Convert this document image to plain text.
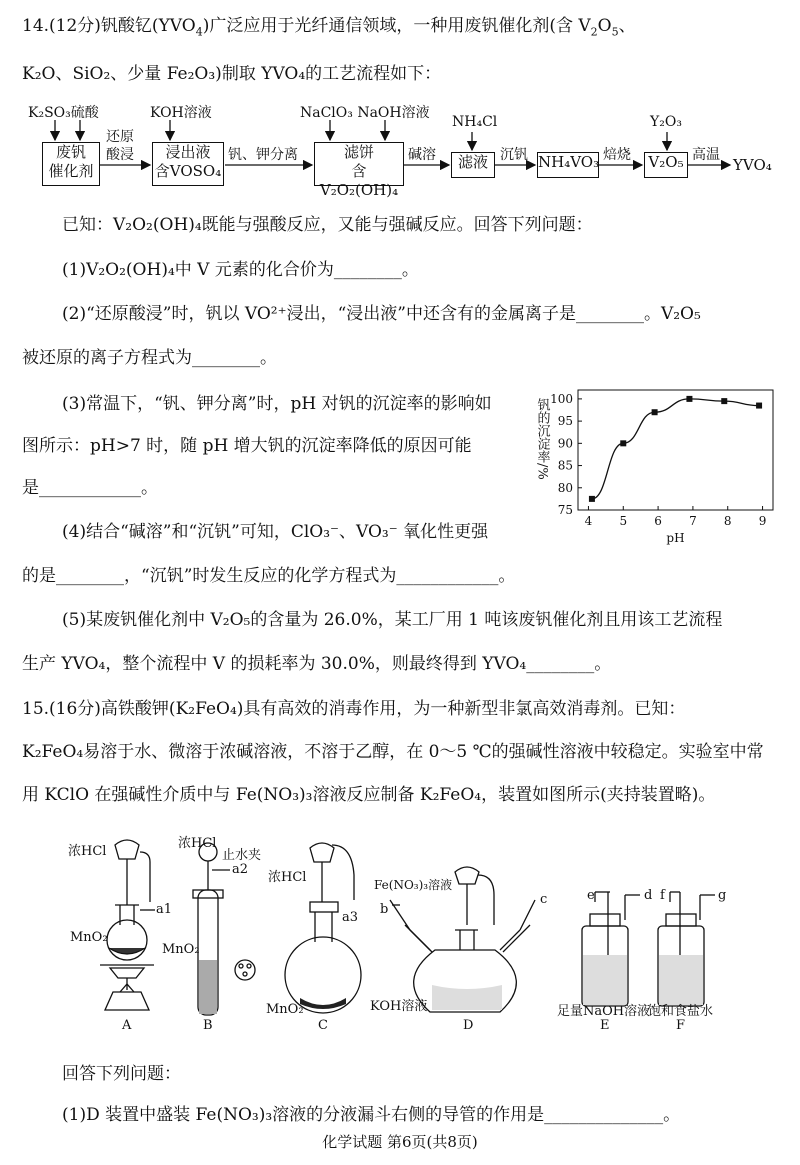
14.(12分)钒酸钇$(YVO_4)$广泛应用于光纤通信领域，一种用废钒催化剂(含 $V_2O_5$、
K₂O、SiO₂、少量 Fe₂O₃)制取 YVO₄的工艺流程如下：
K₂SO₃硫酸
废钒
催化剂
还原
酸浸
KOH溶液
浸出液
含VOSO₄
钒、钾分离
NaClO₃ NaOH溶液
滤饼
含V₂O₂(OH)₄
碱溶
NH₄Cl
滤液 沉钒 NH₄VO₃ 焙烧
Y₂O₃
V₂O₅ 高温
YVO₄
已知：V₂O₂(OH)₄既能与强酸反应，又能与强碱反应。回答下列问题：
(1)V₂O₂(OH)₄中 V 元素的化合价为________。
(2)“还原酸浸”时，钒以 VO²⁺浸出，“浸出液”中还含有的金属离子是________。V₂O₅
被还原的离子方程式为________。
(3)常温下，“钒、钾分离”时，pH 对钒的沉淀率的影响如
图所示：pH>7 时，随 pH 增大钒的沉淀率降低的原因可能
是____________。
(4)结合“碱溶”和“沉钒”可知，ClO₃⁻、VO₃⁻ 氧化性更强
的是________，“沉钒”时发生反应的化学方程式为____________。
(5)某废钒催化剂中 V₂O₅的含量为 26.0%，某工厂用 1 吨该废钒催化剂且用该工艺流程
生产 YVO₄，整个流程中 V 的损耗率为 30.0%，则最终得到 YVO₄________。
75
80
85
90
95
100
4 5 6 7 8 9
pH
钒的沉淀率/%
15.(16分)高铁酸钾(K₂FeO₄)具有高效的消毒作用，为一种新型非氯高效消毒剂。已知：
K₂FeO₄易溶于水、微溶于浓碱溶液，不溶于乙醇，在 0～5 ℃的强碱性溶液中较稳定。实验室中常
用 KClO 在强碱性介质中与 Fe(NO₃)₃溶液反应制备 K₂FeO₄，装置如图所示(夹持装置略)。
浓HCl
a1
MnO₂
A
浓HCl
止水夹
a2
MnO₂
B
浓HCl
a3
MnO₂
C
Fe(NO₃)₃溶液
b
c
KOH溶液
D
e	d
足量NaOH溶液
E
f	g
饱和食盐水
F
回答下列问题：
(1)D 装置中盛装 Fe(NO₃)₃溶液的分液漏斗右侧的导管的作用是______________。
化学试题 第6页(共8页)
